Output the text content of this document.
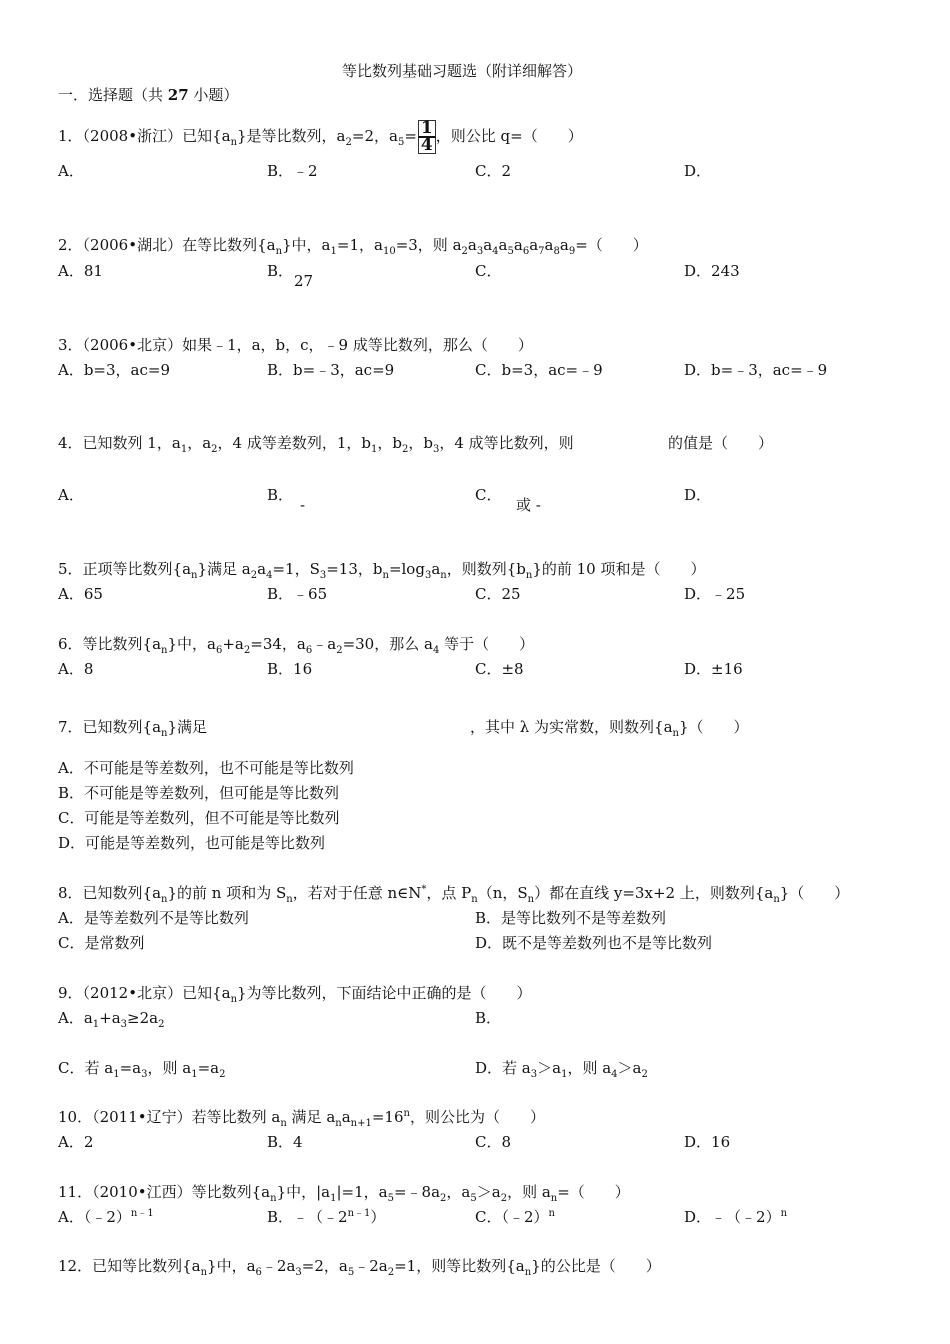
等比数列基础习题选（附详细解答）
一．选择题（共 27 小题）
1．（2008•浙江）已知$\{a_n\}$是等比数列，$a_2=2$，$a_5= \frac{1}{4}$ ，则公比 q=（　　）
A．	B．﹣2	C．2	D．
2．（2006•湖北）在等比数列$\{a_n\}$中，$a_1=1$，$a_{10}=3$，则 $a_2a_3a_4a_5a_6a_7a_8a_9=$（　　）
A．81	B．
27
C．	D．243
3．（2006•北京）如果﹣1，a，b，c，﹣9 成等比数列，那么（　　）
A．b=3，ac=9	B．b=﹣3，ac=9	C．b=3，ac=﹣9	D．b=﹣3，ac=﹣9
4．已知数列 1，$a_1$，$a_2$，4 成等差数列，1，$b_1$，$b_2$，$b_3$，4 成等比数列，则	的值是（　　）
A．	B．
-
C．
或 -
D．
5．正项等比数列$\{a_n\}$满足 $a_2a_4=1$，$S_3=13$，$b_n=\log_3a_n$，则数列$\{b_n\}$的前 10 项和是（　　）
A．65	B．﹣65	C．25	D．﹣25
6．等比数列$\{a_n\}$中，$a_6+a_2=34$，$a_6﹣a_2=30$，那么 $a_4$ 等于（　　）
A．8	B．16	C．±8	D．±16
7．已知数列$\{a_n\}$满足	，其中 λ 为实常数，则数列$\{a_n\}$（　　）
A．不可能是等差数列，也不可能是等比数列
B．不可能是等差数列，但可能是等比数列
C．可能是等差数列，但不可能是等比数列
D．可能是等差数列，也可能是等比数列
8．已知数列$\{a_n\}$的前 n 项和为 $S_n$，若对于任意 n∈N*，点 $P_n(n$，$S_n$）都在直线 y=3x+2 上，则数列$\{a_n\}$（　　）
A．是等差数列不是等比数列	B．是等比数列不是等差数列
C．是常数列	D．既不是等差数列也不是等比数列
9．（2012•北京）已知$\{a_n\}$为等比数列，下面结论中正确的是（　　）
A．$a_1+a_3\ge 2a_2$	B．
C．若 $a_1=a_3$，则 $a_1=a_2$	D．若 $a_3>a_1$，则 $a_4>a_2$
10．（2011•辽宁）若等比数列 $a_n$ 满足 $a_na_{n+1}=16^n$，则公比为（　　）
A．2	B．4	C．8	D．16
11．（2010•江西）等比数列$\{a_n\}$中，$|a_1|=1$，$a_5=﹣8a_2$，$a_5>a_2$，则 $a_n=$（　　）
A．（﹣2）$^{n﹣1}$	B．$﹣(﹣2^{n﹣1})$	C．（﹣2）$^n$	D．﹣（﹣2）$^n$
12．已知等比数列$\{a_n\}$中，$a_6﹣2a_3=2$，$a_5﹣2a_2=1$，则等比数列$\{a_n\}$的公比是（　　）
